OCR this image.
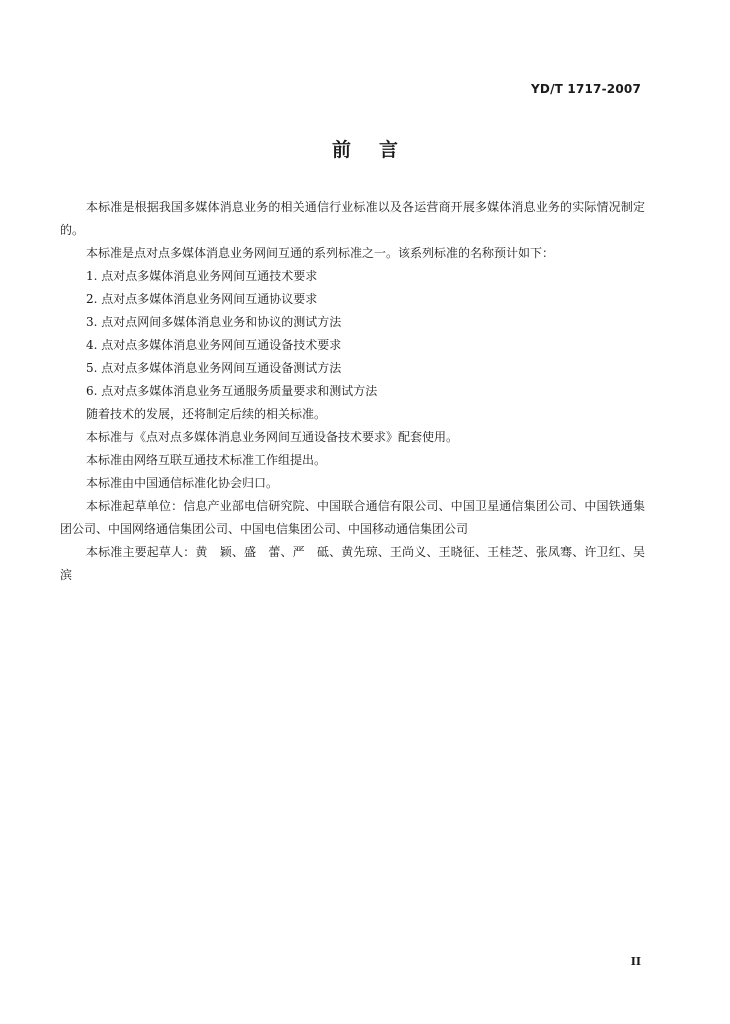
YD/T 1717-2007
前言

本标准是根据我国多媒体消息业务的相关通信行业标准以及各运营商开展多媒体消息业务的实际情况制定的。

本标准是点对点多媒体消息业务网间互通的系列标准之一。该系列标准的名称预计如下：

1. 点对点多媒体消息业务网间互通技术要求

2. 点对点多媒体消息业务网间互通协议要求

3. 点对点网间多媒体消息业务和协议的测试方法

4. 点对点多媒体消息业务网间互通设备技术要求

5. 点对点多媒体消息业务网间互通设备测试方法

6. 点对点多媒体消息业务互通服务质量要求和测试方法

随着技术的发展，还将制定后续的相关标准。

本标准与《点对点多媒体消息业务网间互通设备技术要求》配套使用。

本标准由网络互联互通技术标准工作组提出。

本标准由中国通信标准化协会归口。

本标准起草单位：信息产业部电信研究院、中国联合通信有限公司、中国卫星通信集团公司、中国铁通集团公司、中国网络通信集团公司、中国电信集团公司、中国移动通信集团公司

本标准主要起草人：黄　颖、盛　蕾、严　砥、黄先琼、王尚义、王晓征、王桂芝、张凤骞、许卫红、吴　滨

II
